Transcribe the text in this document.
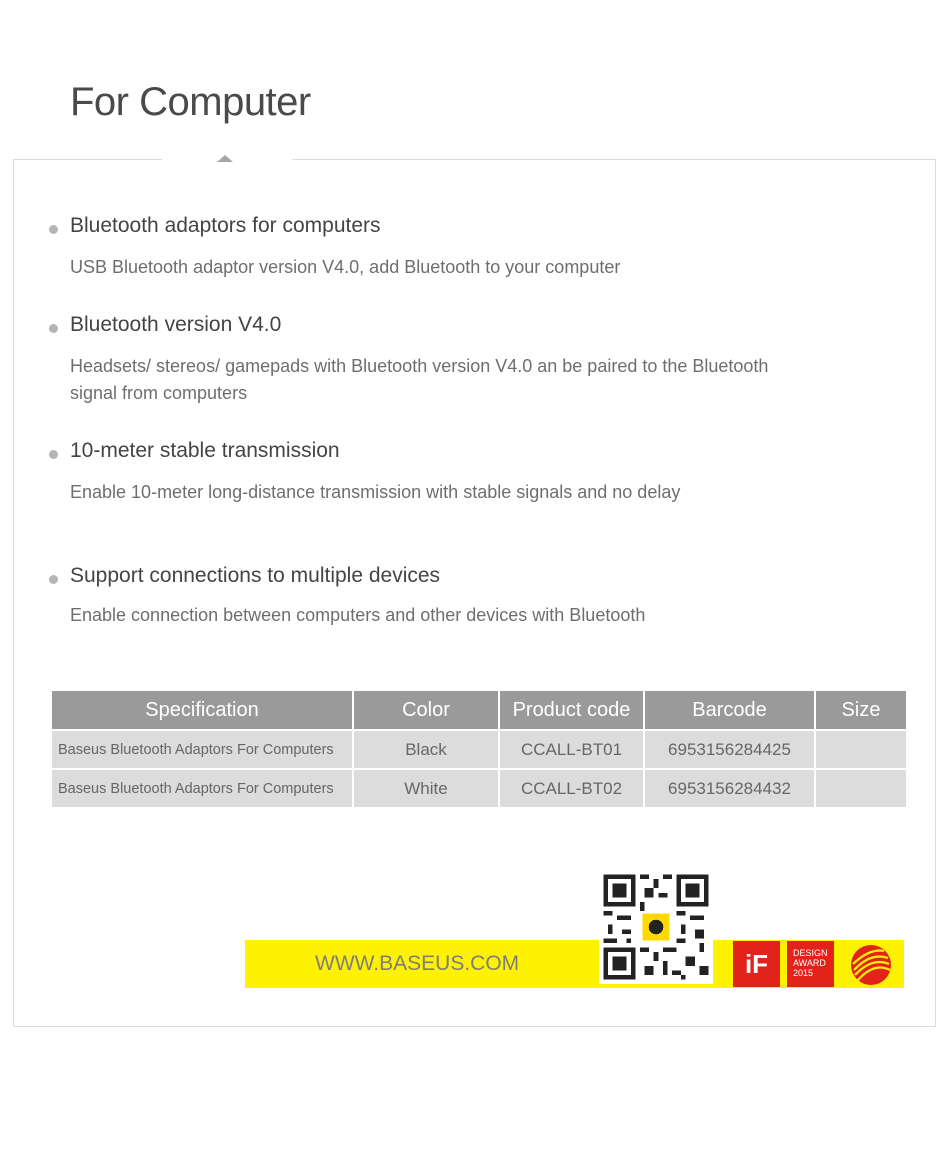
For Computer
Bluetooth adaptors for computers
USB Bluetooth adaptor version V4.0, add Bluetooth to your computer
Bluetooth version V4.0
Headsets/ stereos/ gamepads with Bluetooth version V4.0 an be paired to the Bluetooth signal from computers
10-meter stable transmission
Enable 10-meter long-distance transmission with stable signals and no delay
Support connections to multiple devices
Enable connection between computers and other devices with Bluetooth
Specification	Color	Product code	Barcode	Size
Baseus Bluetooth Adaptors For Computers	Black	CCALL-BT01	6953156284425	
Baseus Bluetooth Adaptors For Computers	White	CCALL-BT02	6953156284432	
WWW.BASEUS.COM	iF	DESIGN
AWARD
2015
